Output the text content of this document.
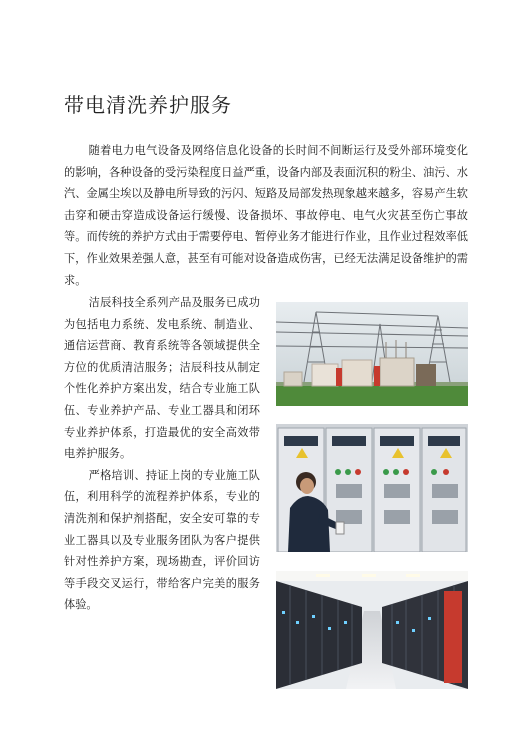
带电清洗养护服务

随着电力电气设备及网络信息化设备的长时间不间断运行及受外部环境变化的影响，各种设备的受污染程度日益严重，设备内部及表面沉积的粉尘、油污、水汽、金属尘埃以及静电所导致的污闪、短路及局部发热现象越来越多，容易产生软击穿和硬击穿造成设备运行缓慢、设备损坏、事故停电、电气火灾甚至伤亡事故等。而传统的养护方式由于需要停电、暂停业务才能进行作业，且作业过程效率低下，作业效果差强人意，甚至有可能对设备造成伤害，已经无法满足设备维护的需求。

洁辰科技全系列产品及服务已成功为包括电力系统、发电系统、制造业、通信运营商、教育系统等各领域提供全方位的优质清洁服务；洁辰科技从制定个性化养护方案出发，结合专业施工队伍、专业养护产品、专业工器具和闭环专业养护体系，打造最优的安全高效带电养护服务。

严格培训、持证上岗的专业施工队伍，利用科学的流程养护体系，专业的清洗剂和保护剂搭配，安全安可靠的专业工器具以及专业服务团队为客户提供针对性养护方案，现场勘查，评价回访等手段交叉运行，带给客户完美的服务体验。
